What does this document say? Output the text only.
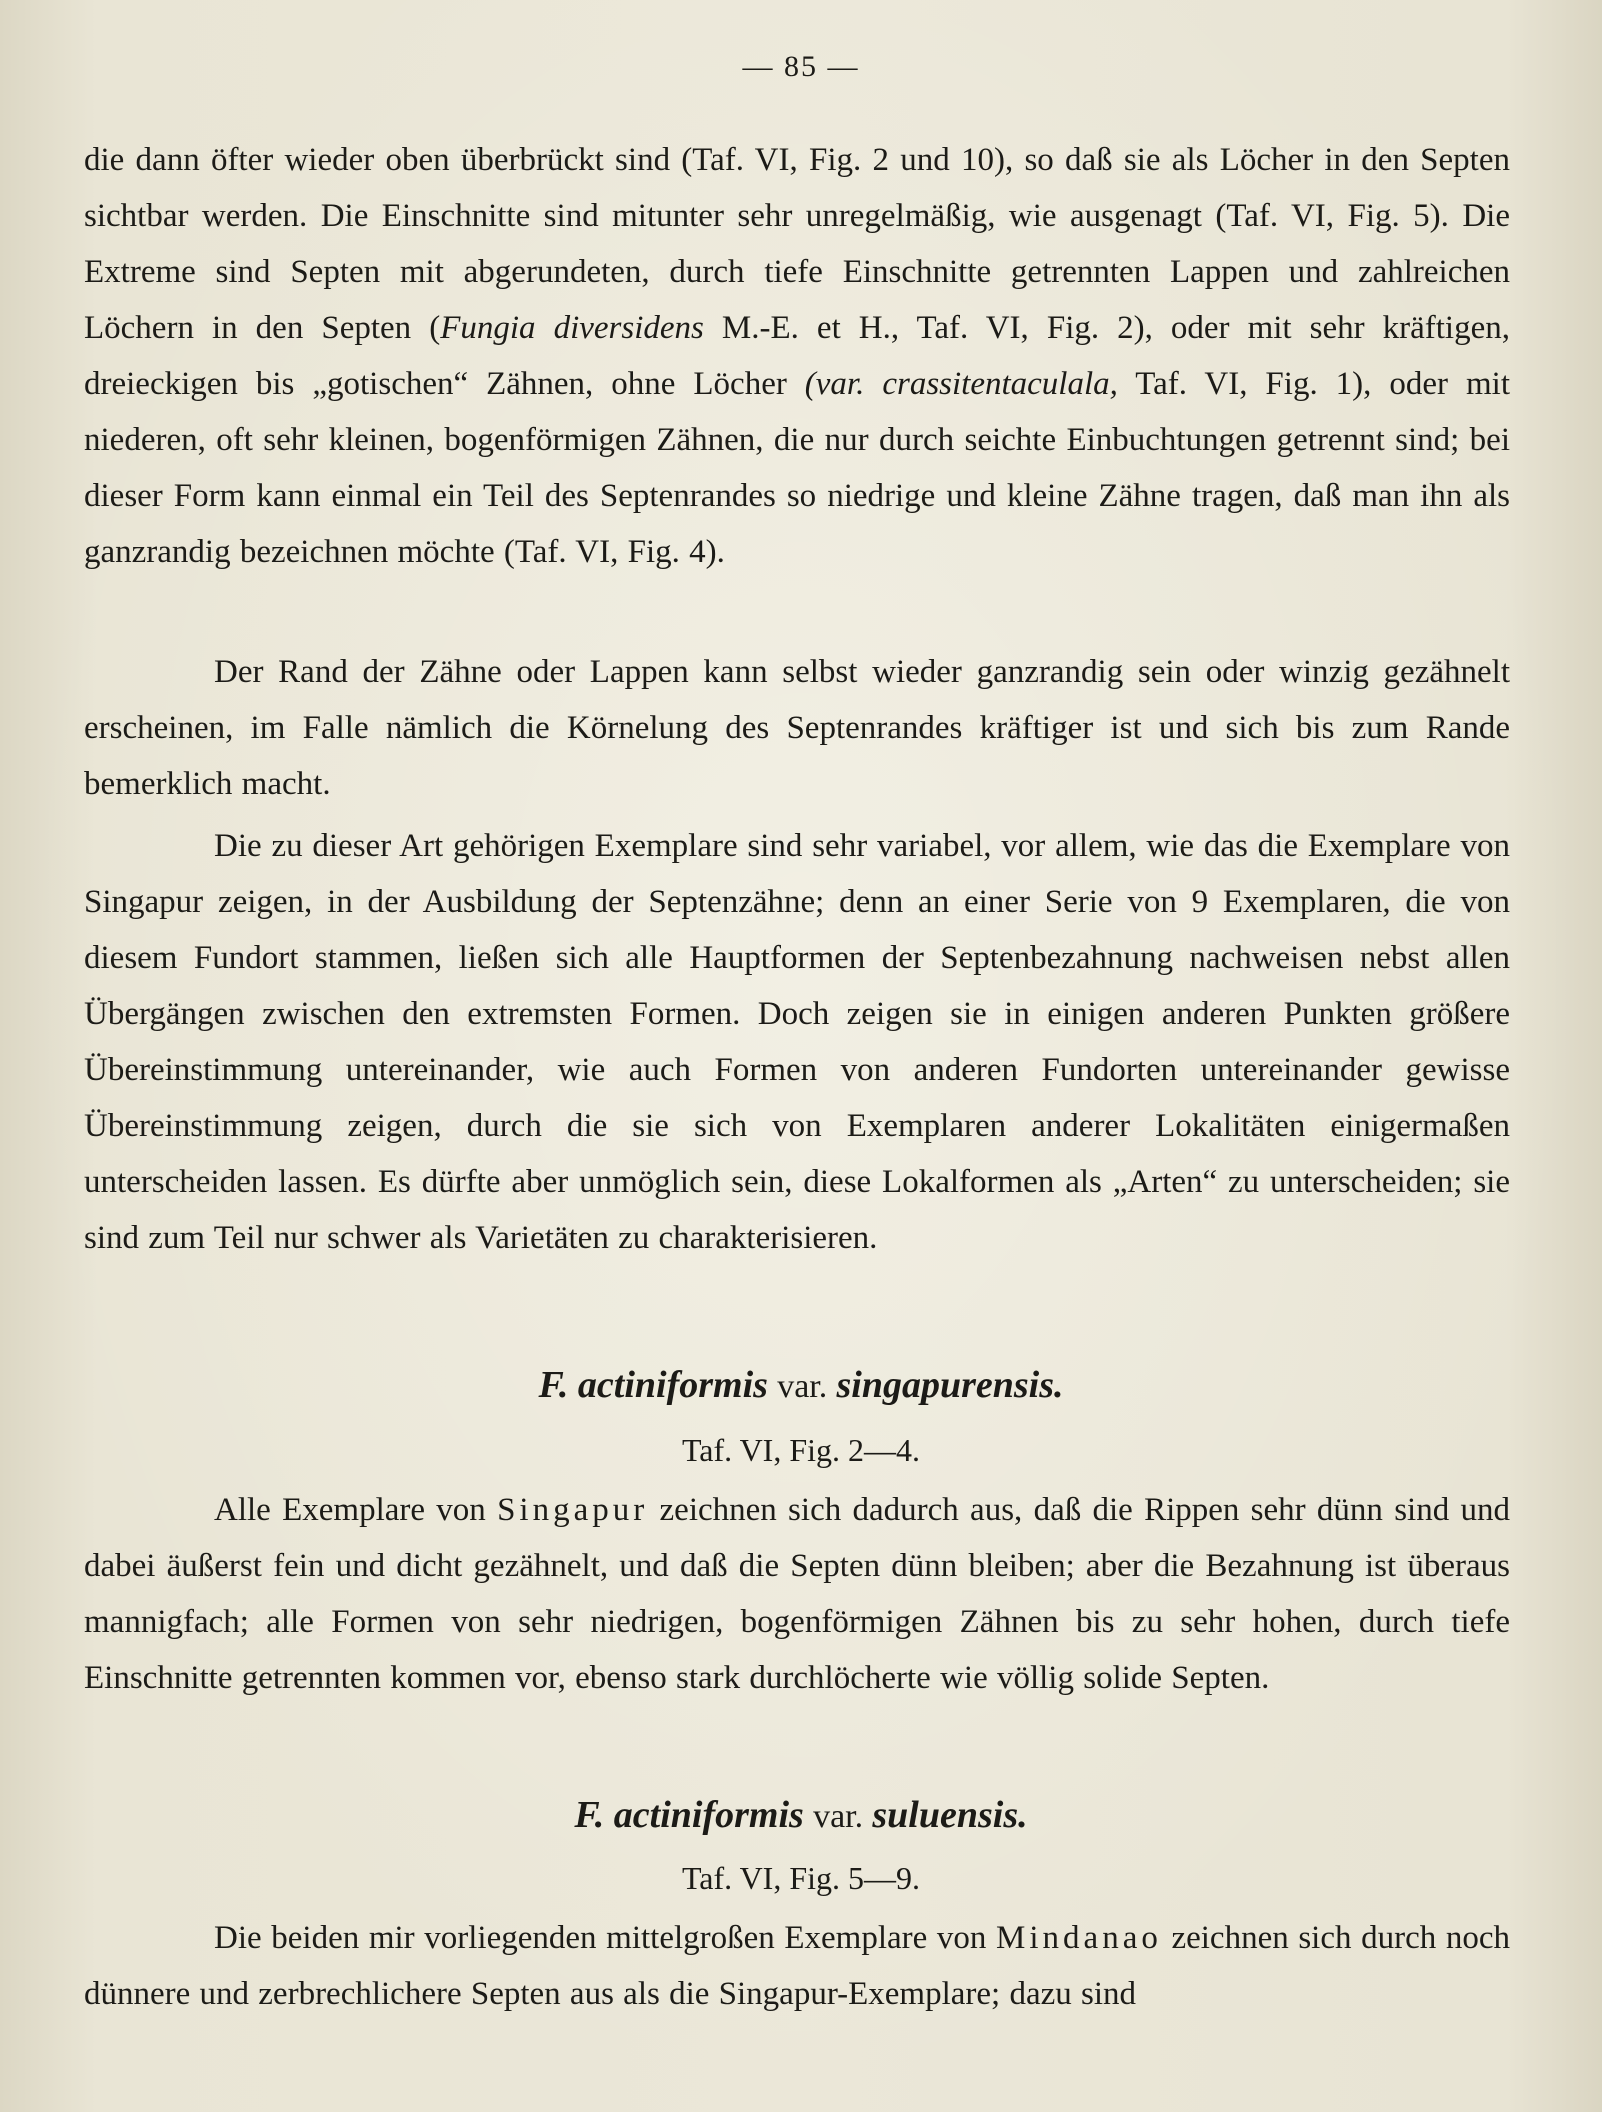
— 85 —

die dann öfter wieder oben überbrückt sind (Taf. VI, Fig. 2 und 10), so daß sie als Löcher in den Septen sichtbar werden. Die Einschnitte sind mitunter sehr unregelmäßig, wie ausgenagt (Taf. VI, Fig. 5). Die Extreme sind Septen mit abgerundeten, durch tiefe Einschnitte getrennten Lappen und zahlreichen Löchern in den Septen (Fungia diversidens M.-E. et H., Taf. VI, Fig. 2), oder mit sehr kräftigen, dreieckigen bis „gotischen“ Zähnen, ohne Löcher (var. crassitentaculala, Taf. VI, Fig. 1), oder mit niederen, oft sehr kleinen, bogenförmigen Zähnen, die nur durch seichte Einbuchtungen getrennt sind; bei dieser Form kann einmal ein Teil des Septenrandes so niedrige und kleine Zähne tragen, daß man ihn als ganzrandig bezeichnen möchte (Taf. VI, Fig. 4).

Der Rand der Zähne oder Lappen kann selbst wieder ganzrandig sein oder winzig gezähnelt erscheinen, im Falle nämlich die Körnelung des Septenrandes kräftiger ist und sich bis zum Rande bemerklich macht.

Die zu dieser Art gehörigen Exemplare sind sehr variabel, vor allem, wie das die Exemplare von Singapur zeigen, in der Ausbildung der Septenzähne; denn an einer Serie von 9 Exemplaren, die von diesem Fundort stammen, ließen sich alle Hauptformen der Septenbezahnung nachweisen nebst allen Übergängen zwischen den extremsten Formen. Doch zeigen sie in einigen anderen Punkten größere Übereinstimmung untereinander, wie auch Formen von anderen Fundorten untereinander gewisse Übereinstimmung zeigen, durch die sie sich von Exemplaren anderer Lokalitäten einigermaßen unterscheiden lassen. Es dürfte aber unmöglich sein, diese Lokalformen als „Arten“ zu unterscheiden; sie sind zum Teil nur schwer als Varietäten zu charakterisieren.

F. actiniformis var. singapurensis.

Taf. VI, Fig. 2—4.

Alle Exemplare von Singapur zeichnen sich dadurch aus, daß die Rippen sehr dünn sind und dabei äußerst fein und dicht gezähnelt, und daß die Septen dünn bleiben; aber die Bezahnung ist überaus mannigfach; alle Formen von sehr niedrigen, bogenförmigen Zähnen bis zu sehr hohen, durch tiefe Einschnitte getrennten kommen vor, ebenso stark durchlöcherte wie völlig solide Septen.

F. actiniformis var. suluensis.

Taf. VI, Fig. 5—9.

Die beiden mir vorliegenden mittelgroßen Exemplare von Mindanao zeichnen sich durch noch dünnere und zerbrechlichere Septen aus als die Singapur-Exemplare; dazu sind
